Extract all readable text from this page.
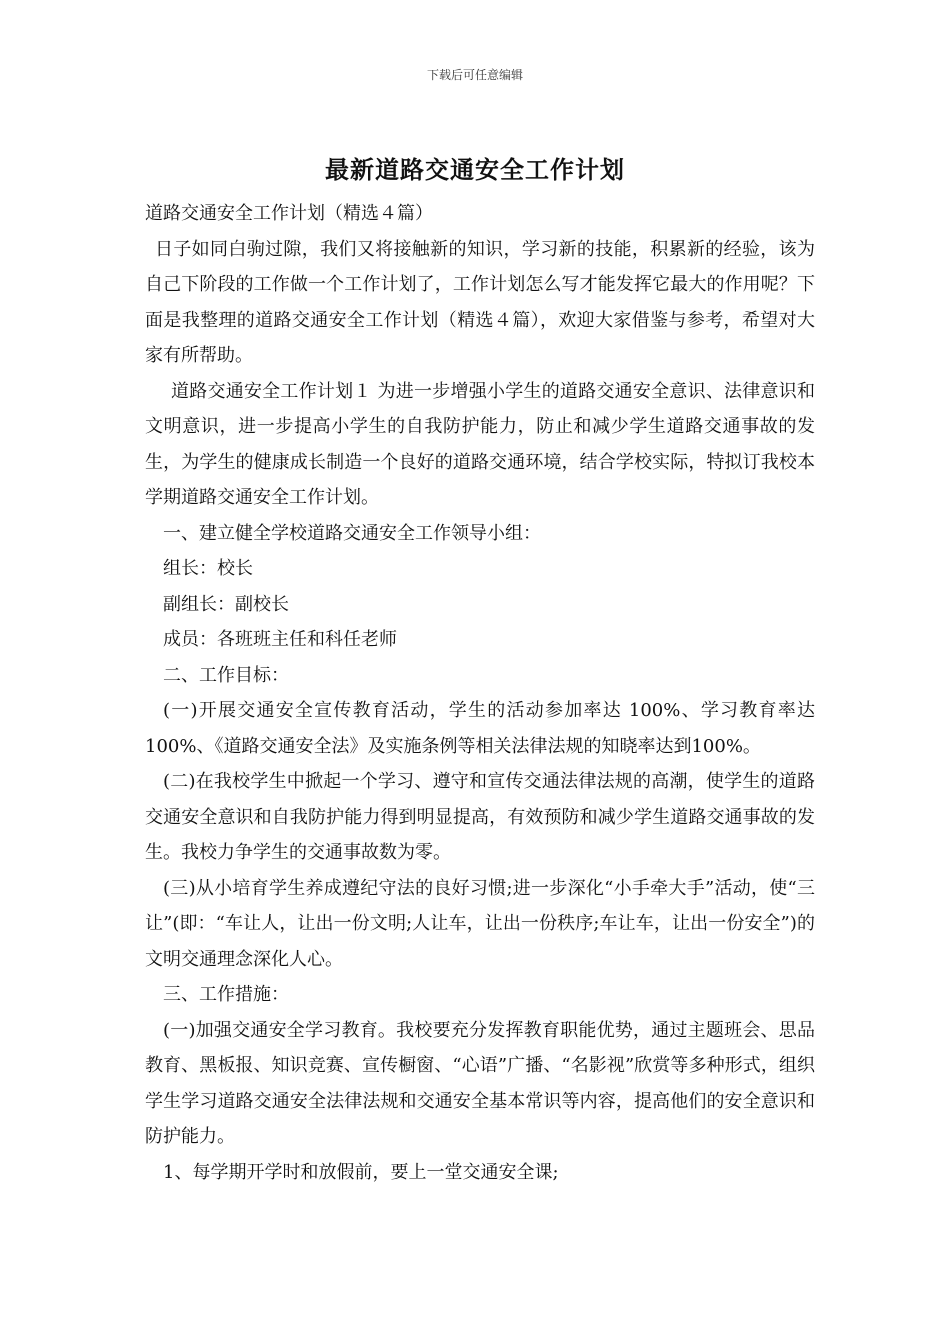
下载后可任意编辑
最新道路交通安全工作计划

道路交通安全工作计划（精选４篇）

日子如同白驹过隙，我们又将接触新的知识，学习新的技能，积累新的经验，该为自己下阶段的工作做一个工作计划了，工作计划怎么写才能发挥它最大的作用呢？下面是我整理的道路交通安全工作计划（精选４篇），欢迎大家借鉴与参考，希望对大家有所帮助。

道路交通安全工作计划１ 为进一步增强小学生的道路交通安全意识、法律意识和文明意识，进一步提高小学生的自我防护能力，防止和减少学生道路交通事故的发生，为学生的健康成长制造一个良好的道路交通环境，结合学校实际，特拟订我校本学期道路交通安全工作计划。

一、建立健全学校道路交通安全工作领导小组：

组长：校长

副组长：副校长

成员：各班班主任和科任老师

二、工作目标：

(一)开展交通安全宣传教育活动，学生的活动参加率达 100%、学习教育率达 100%、《道路交通安全法》及实施条例等相关法律法规的知晓率达到100%。

(二)在我校学生中掀起一个学习、遵守和宣传交通法律法规的高潮，使学生的道路交通安全意识和自我防护能力得到明显提高，有效预防和减少学生道路交通事故的发生。我校力争学生的交通事故数为零。

(三)从小培育学生养成遵纪守法的良好习惯;进一步深化“小手牵大手”活动，使“三让”(即：“车让人，让出一份文明;人让车，让出一份秩序;车让车，让出一份安全”)的文明交通理念深化人心。

三、工作措施：

(一)加强交通安全学习教育。我校要充分发挥教育职能优势，通过主题班会、思品教育、黑板报、知识竞赛、宣传橱窗、“心语”广播、“名影视”欣赏等多种形式，组织学生学习道路交通安全法律法规和交通安全基本常识等内容，提高他们的安全意识和防护能力。

1、每学期开学时和放假前，要上一堂交通安全课;
